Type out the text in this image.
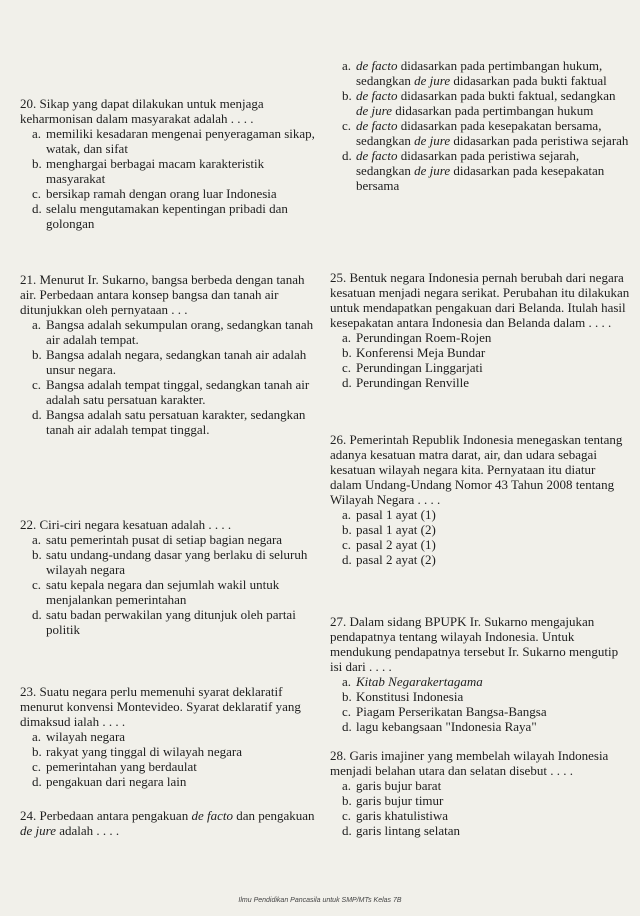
20. Sikap yang dapat dilakukan untuk menjaga keharmonisan dalam masyarakat adalah . . . .
a. memiliki kesadaran mengenai penyeragaman sikap, watak, dan sifat
b. menghargai berbagai macam karakteristik masyarakat
c. bersikap ramah dengan orang luar Indonesia
d. selalu mengutamakan kepentingan pribadi dan golongan
21. Menurut Ir. Sukarno, bangsa berbeda dengan tanah air. Perbedaan antara konsep bangsa dan tanah air ditunjukkan oleh pernyataan . . .
a. Bangsa adalah sekumpulan orang, sedangkan tanah air adalah tempat.
b. Bangsa adalah negara, sedangkan tanah air adalah unsur negara.
c. Bangsa adalah tempat tinggal, sedangkan tanah air adalah satu persatuan karakter.
d. Bangsa adalah satu persatuan karakter, sedangkan tanah air adalah tempat tinggal.
22. Ciri-ciri negara kesatuan adalah . . . .
a. satu pemerintah pusat di setiap bagian negara
b. satu undang-undang dasar yang berlaku di seluruh wilayah negara
c. satu kepala negara dan sejumlah wakil untuk menjalankan pemerintahan
d. satu badan perwakilan yang ditunjuk oleh partai politik
23. Suatu negara perlu memenuhi syarat deklaratif menurut konvensi Montevideo. Syarat deklaratif yang dimaksud ialah . . . .
a. wilayah negara
b. rakyat yang tinggal di wilayah negara
c. pemerintahan yang berdaulat
d. pengakuan dari negara lain
24. Perbedaan antara pengakuan de facto dan pengakuan de jure adalah . . . .
a. de facto didasarkan pada pertimbangan hukum, sedangkan de jure didasarkan pada bukti faktual
b. de facto didasarkan pada bukti faktual, sedangkan de jure didasarkan pada pertimbangan hukum
c. de facto didasarkan pada kesepakatan bersama, sedangkan de jure didasarkan pada peristiwa sejarah
d. de facto didasarkan pada peristiwa sejarah, sedangkan de jure didasarkan pada kesepakatan bersama
25. Bentuk negara Indonesia pernah berubah dari negara kesatuan menjadi negara serikat. Perubahan itu dilakukan untuk mendapatkan pengakuan dari Belanda. Itulah hasil kesepakatan antara Indonesia dan Belanda dalam . . . .
a. Perundingan Roem-Rojen
b. Konferensi Meja Bundar
c. Perundingan Linggarjati
d. Perundingan Renville
26. Pemerintah Republik Indonesia menegaskan tentang adanya kesatuan matra darat, air, dan udara sebagai kesatuan wilayah negara kita. Pernyataan itu diatur dalam Undang-Undang Nomor 43 Tahun 2008 tentang Wilayah Negara . . . .
a. pasal 1 ayat (1)
b. pasal 1 ayat (2)
c. pasal 2 ayat (1)
d. pasal 2 ayat (2)
27. Dalam sidang BPUPK Ir. Sukarno mengajukan pendapatnya tentang wilayah Indonesia. Untuk mendukung pendapatnya tersebut Ir. Sukarno mengutip isi dari . . . .
a. Kitab Negarakertagama
b. Konstitusi Indonesia
c. Piagam Perserikatan Bangsa-Bangsa
d. lagu kebangsaan "Indonesia Raya"
28. Garis imajiner yang membelah wilayah Indonesia menjadi belahan utara dan selatan disebut . . . .
a. garis bujur barat
b. garis bujur timur
c. garis khatulistiwa
d. garis lintang selatan
Ilmu Pendidikan Pancasila untuk SMP/MTs Kelas 7B
